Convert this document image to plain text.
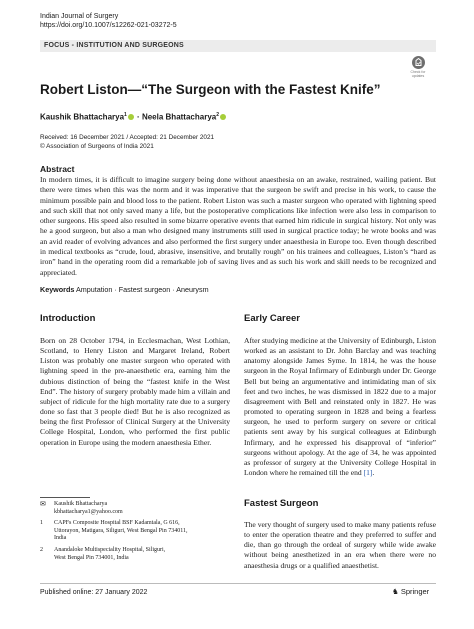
Indian Journal of Surgery
https://doi.org/10.1007/s12262-021-03272-5
FOCUS - INSTITUTION AND SURGEONS
Check for
updates
Robert Liston—“The Surgeon with the Fastest Knife”
Kaushik Bhattacharya$^1$ · Neela Bhattacharya$^2$
Received: 16 December 2021 / Accepted: 21 December 2021
© Association of Surgeons of India 2021
Abstract

In modern times, it is difficult to imagine surgery being done without anaesthesia on an awake, restrained, wailing patient. But there were times when this was the norm and it was imperative that the surgeon be swift and precise in his work, to cause the minimum possible pain and blood loss to the patient. Robert Liston was such a master surgeon who operated with lightning speed and such skill that not only saved many a life, but the postoperative complications like infection were also less in comparison to other surgeons. His speed also resulted in some bizarre operative events that earned him ridicule in surgical history. Not only was he a good surgeon, but also a man who designed many instruments still used in surgical practice today; he wrote books and was an avid reader of evolving advances and also performed the first surgery under anaesthesia in Europe too. Even though described in medical textbooks as “crude, loud, abrasive, insensitive, and brutally rough” on his trainees and colleagues, Liston’s “hard as iron” hand in the operating room did a remarkable job of saving lives and as such his work and skill needs to be recognized and appreciated.

Keywords Amputation · Fastest surgeon · Aneurysm
Introduction

Born on 28 October 1794, in Ecclesmachan, West Lothian, Scotland, to Henry Liston and Margaret Ireland, Robert Liston was probably one master surgeon who operated with lightning speed in the pre-anaesthetic era, earning him the dubious distinction of being the “fastest knife in the West End”. The history of surgery probably made him a villain and subject of ridicule for the high mortality rate due to a surgery done so fast that 3 people died! But he is also recognized as being the first Professor of Clinical Surgery at the University College Hospital, London, who performed the first public operation in Europe using the modern anaesthesia Ether.

Early Career

After studying medicine at the University of Edinburgh, Liston worked as an assistant to Dr. John Barclay and was teaching anatomy alongside James Syme. In 1814, he was the house surgeon in the Royal Infirmary of Edinburgh under Dr. George Bell but being an argumentative and intimidating man of six feet and two inches, he was dismissed in 1822 due to a major disagreement with Bell and reinstated only in 1827. He was promoted to operating surgeon in 1828 and being a fearless surgeon, he used to perform surgery on severe or critical patients sent away by his surgical colleagues at Edinburgh Infirmary, and he expressed his disapproval of “inferior” surgeons without apology. At the age of 34, he was appointed as professor of surgery at the University College Hospital in London where he remained till the end [1].

Fastest Surgeon

The very thought of surgery used to make many patients refuse to enter the operation theatre and they preferred to suffer and die, than go through the ordeal of surgery while wide awake without being anesthetized in an era when there were no anaesthesia drugs or a qualified anaesthetist.

✉	Kaushik Bhattacharya
kbhattacharya1@yahoo.com
1	CAPFs Composite Hospital BSF Kadamtala, G 616,
Uttorayon, Matigara, Siliguri, West Bengal Pin 734011,
India
2	Anandaloke Multispeciality Hospital, Siliguri,
West Bengal Pin 734001, India
Published online: 27 January 2022	♞ Springer
